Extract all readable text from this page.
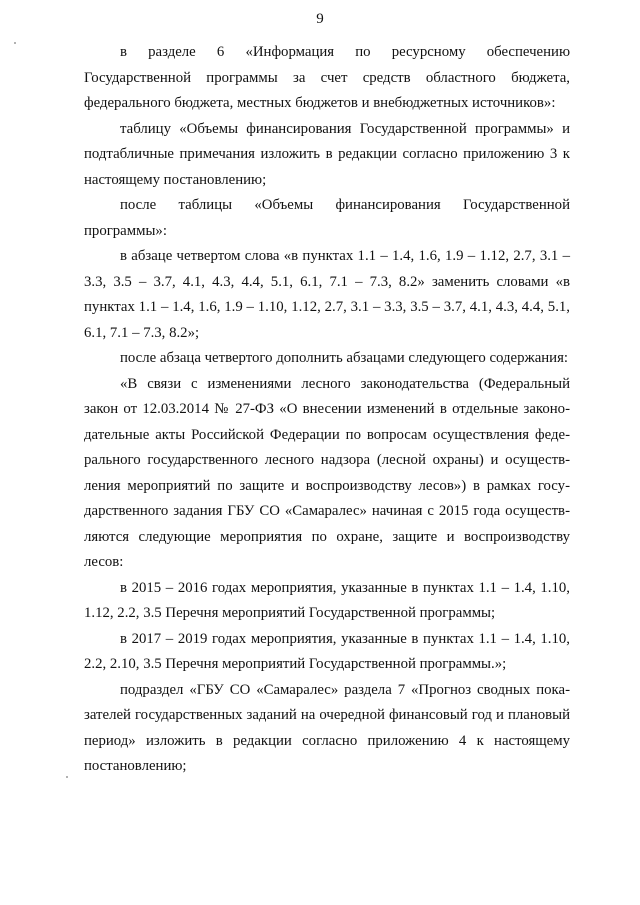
9

в разделе 6 «Информация по ресурсному обеспечению Государственной программы за счет средств областного бюджета, федерального бюджета, местных бюджетов и внебюджетных источников»:

таблицу «Объемы финансирования Государственной программы» и подтабличные примечания изложить в редакции согласно приложению 3 к настоящему постановлению;

после таблицы «Объемы финансирования Государственной программы»:

в абзаце четвертом слова «в пунктах 1.1 – 1.4, 1.6, 1.9 – 1.12, 2.7, 3.1 – 3.3, 3.5 – 3.7, 4.1, 4.3, 4.4, 5.1, 6.1, 7.1 – 7.3, 8.2» заменить словами «в пунктах 1.1 – 1.4, 1.6, 1.9 – 1.10, 1.12, 2.7, 3.1 – 3.3, 3.5 – 3.7, 4.1, 4.3, 4.4, 5.1, 6.1, 7.1 – 7.3, 8.2»;

после абзаца четвертого дополнить абзацами следующего содержания:

«В связи с изменениями лесного законодательства (Федеральный закон от 12.03.2014 № 27-ФЗ «О внесении изменений в отдельные законодательные акты Российской Федерации по вопросам осуществления федерального государственного лесного надзора (лесной охраны) и осуществления мероприятий по защите и воспроизводству лесов») в рамках государственного задания ГБУ СО «Самаралес» начиная с 2015 года осуществляются следующие мероприятия по охране, защите и воспроизводству лесов:

в 2015 – 2016 годах мероприятия, указанные в пунктах 1.1 – 1.4, 1.10, 1.12, 2.2, 3.5 Перечня мероприятий Государственной программы;

в 2017 – 2019 годах мероприятия, указанные в пунктах 1.1 – 1.4, 1.10, 2.2, 2.10, 3.5 Перечня мероприятий Государственной программы.»;

подраздел «ГБУ СО «Самаралес» раздела 7 «Прогноз сводных показателей государственных заданий на очередной финансовый год и плановый период» изложить в редакции согласно приложению 4 к настоящему постановлению;
